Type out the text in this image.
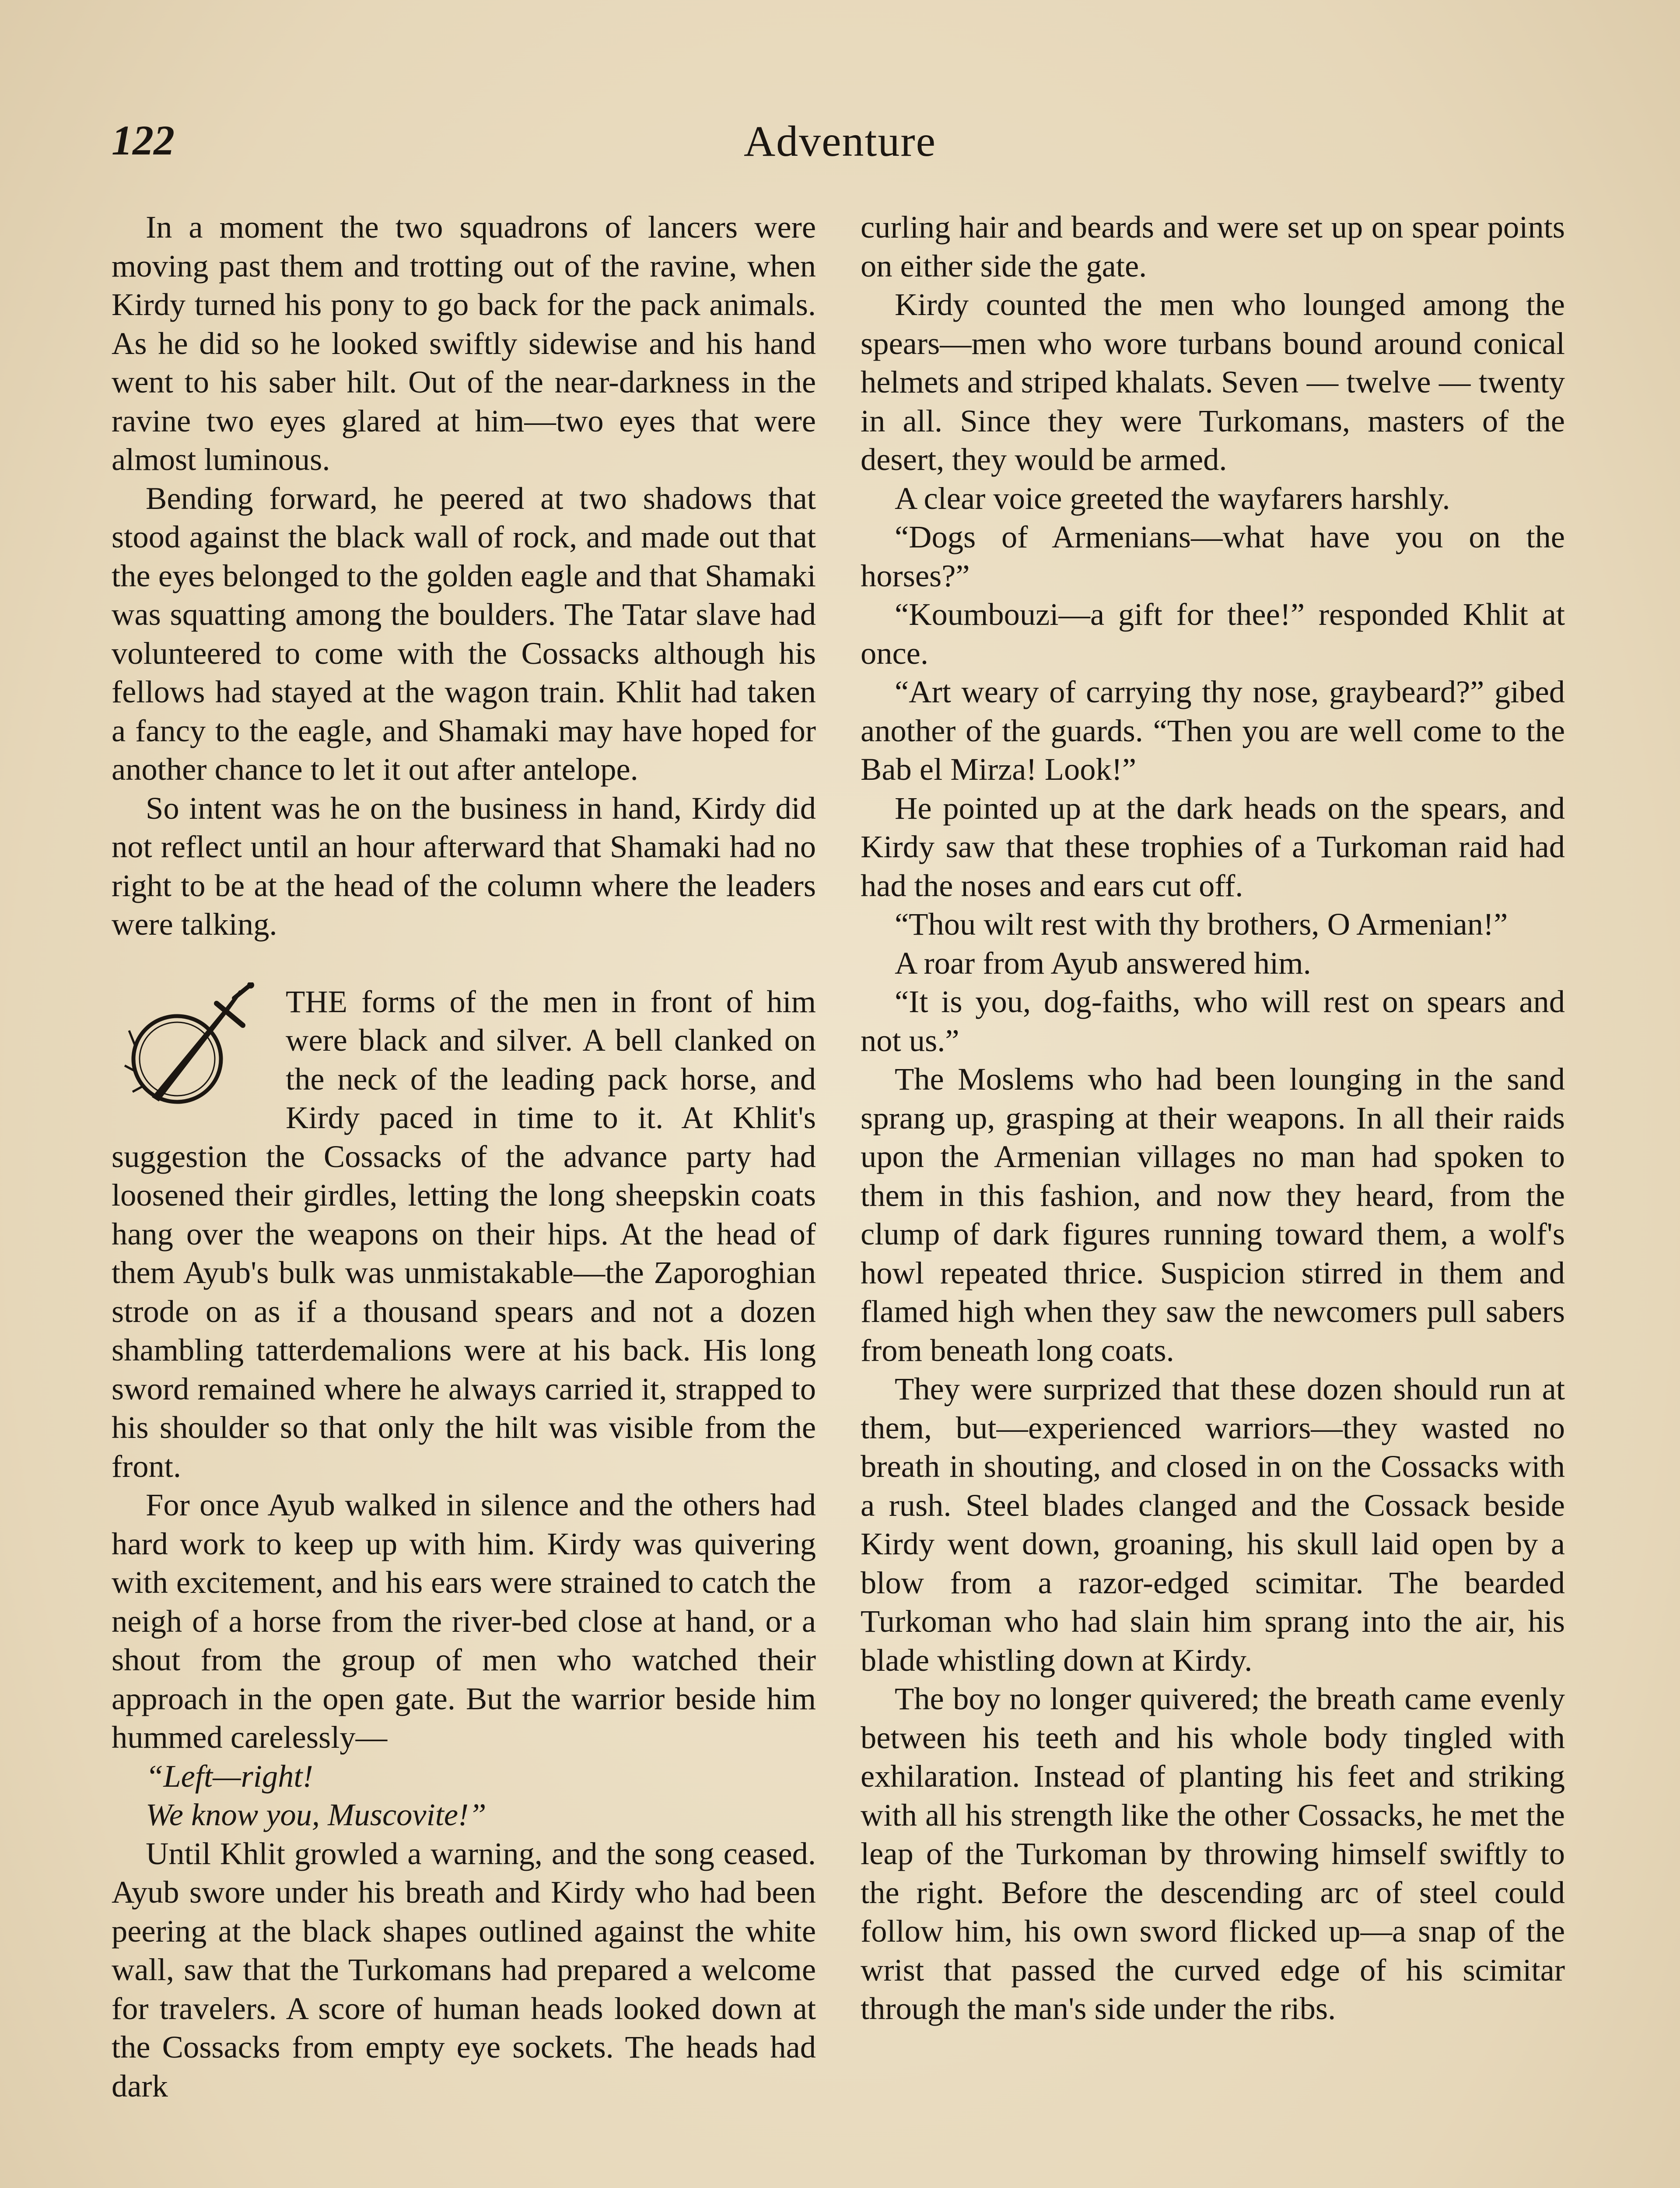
122	Adventure

In a moment the two squadrons of lancers were moving past them and trotting out of the ravine, when Kirdy turned his pony to go back for the pack animals. As he did so he looked swiftly sidewise and his hand went to his saber hilt. Out of the near-darkness in the ravine two eyes glared at him—two eyes that were almost luminous.

Bending forward, he peered at two shadows that stood against the black wall of rock, and made out that the eyes belonged to the golden eagle and that Shamaki was squatting among the boulders. The Tatar slave had volunteered to come with the Cossacks although his fellows had stayed at the wagon train. Khlit had taken a fancy to the eagle, and Shamaki may have hoped for another chance to let it out after antelope.

So intent was he on the business in hand, Kirdy did not reflect until an hour afterward that Shamaki had no right to be at the head of the column where the leaders were talking.

THE forms of the men in front of him were black and silver. A bell clanked on the neck of the leading pack horse, and Kirdy paced in time to it. At Khlit's suggestion the Cossacks of the advance party had loosened their girdles, letting the long sheepskin coats hang over the weapons on their hips. At the head of them Ayub's bulk was unmistakable—the Zaporoghian strode on as if a thousand spears and not a dozen shambling tatterdemalions were at his back. His long sword remained where he always carried it, strapped to his shoulder so that only the hilt was visible from the front.

For once Ayub walked in silence and the others had hard work to keep up with him. Kirdy was quivering with excitement, and his ears were strained to catch the neigh of a horse from the river-bed close at hand, or a shout from the group of men who watched their approach in the open gate. But the warrior beside him hummed carelessly—

“Left—right!

We know you, Muscovite!”

Until Khlit growled a warning, and the song ceased. Ayub swore under his breath and Kirdy who had been peering at the black shapes outlined against the white wall, saw that the Turkomans had prepared a welcome for travelers. A score of human heads looked down at the Cossacks from empty eye sockets. The heads had dark

curling hair and beards and were set up on spear points on either side the gate.

Kirdy counted the men who lounged among the spears—men who wore turbans bound around conical helmets and striped khalats. Seven — twelve — twenty in all. Since they were Turkomans, masters of the desert, they would be armed.

A clear voice greeted the wayfarers harshly.

“Dogs of Armenians—what have you on the horses?”

“Koumbouzi—a gift for thee!” responded Khlit at once.

“Art weary of carrying thy nose, graybeard?” gibed another of the guards. “Then you are well come to the Bab el Mirza! Look!”

He pointed up at the dark heads on the spears, and Kirdy saw that these trophies of a Turkoman raid had had the noses and ears cut off.

“Thou wilt rest with thy brothers, O Armenian!”

A roar from Ayub answered him.

“It is you, dog-faiths, who will rest on spears and not us.”

The Moslems who had been lounging in the sand sprang up, grasping at their weapons. In all their raids upon the Armenian villages no man had spoken to them in this fashion, and now they heard, from the clump of dark figures running toward them, a wolf's howl repeated thrice. Suspicion stirred in them and flamed high when they saw the newcomers pull sabers from beneath long coats.

They were surprized that these dozen should run at them, but—experienced warriors—they wasted no breath in shouting, and closed in on the Cossacks with a rush. Steel blades clanged and the Cossack beside Kirdy went down, groaning, his skull laid open by a blow from a razor-edged scimitar. The bearded Turkoman who had slain him sprang into the air, his blade whistling down at Kirdy.

The boy no longer quivered; the breath came evenly between his teeth and his whole body tingled with exhilaration. Instead of planting his feet and striking with all his strength like the other Cossacks, he met the leap of the Turkoman by throwing himself swiftly to the right. Before the descending arc of steel could follow him, his own sword flicked up—a snap of the wrist that passed the curved edge of his scimitar through the man's side under the ribs.
